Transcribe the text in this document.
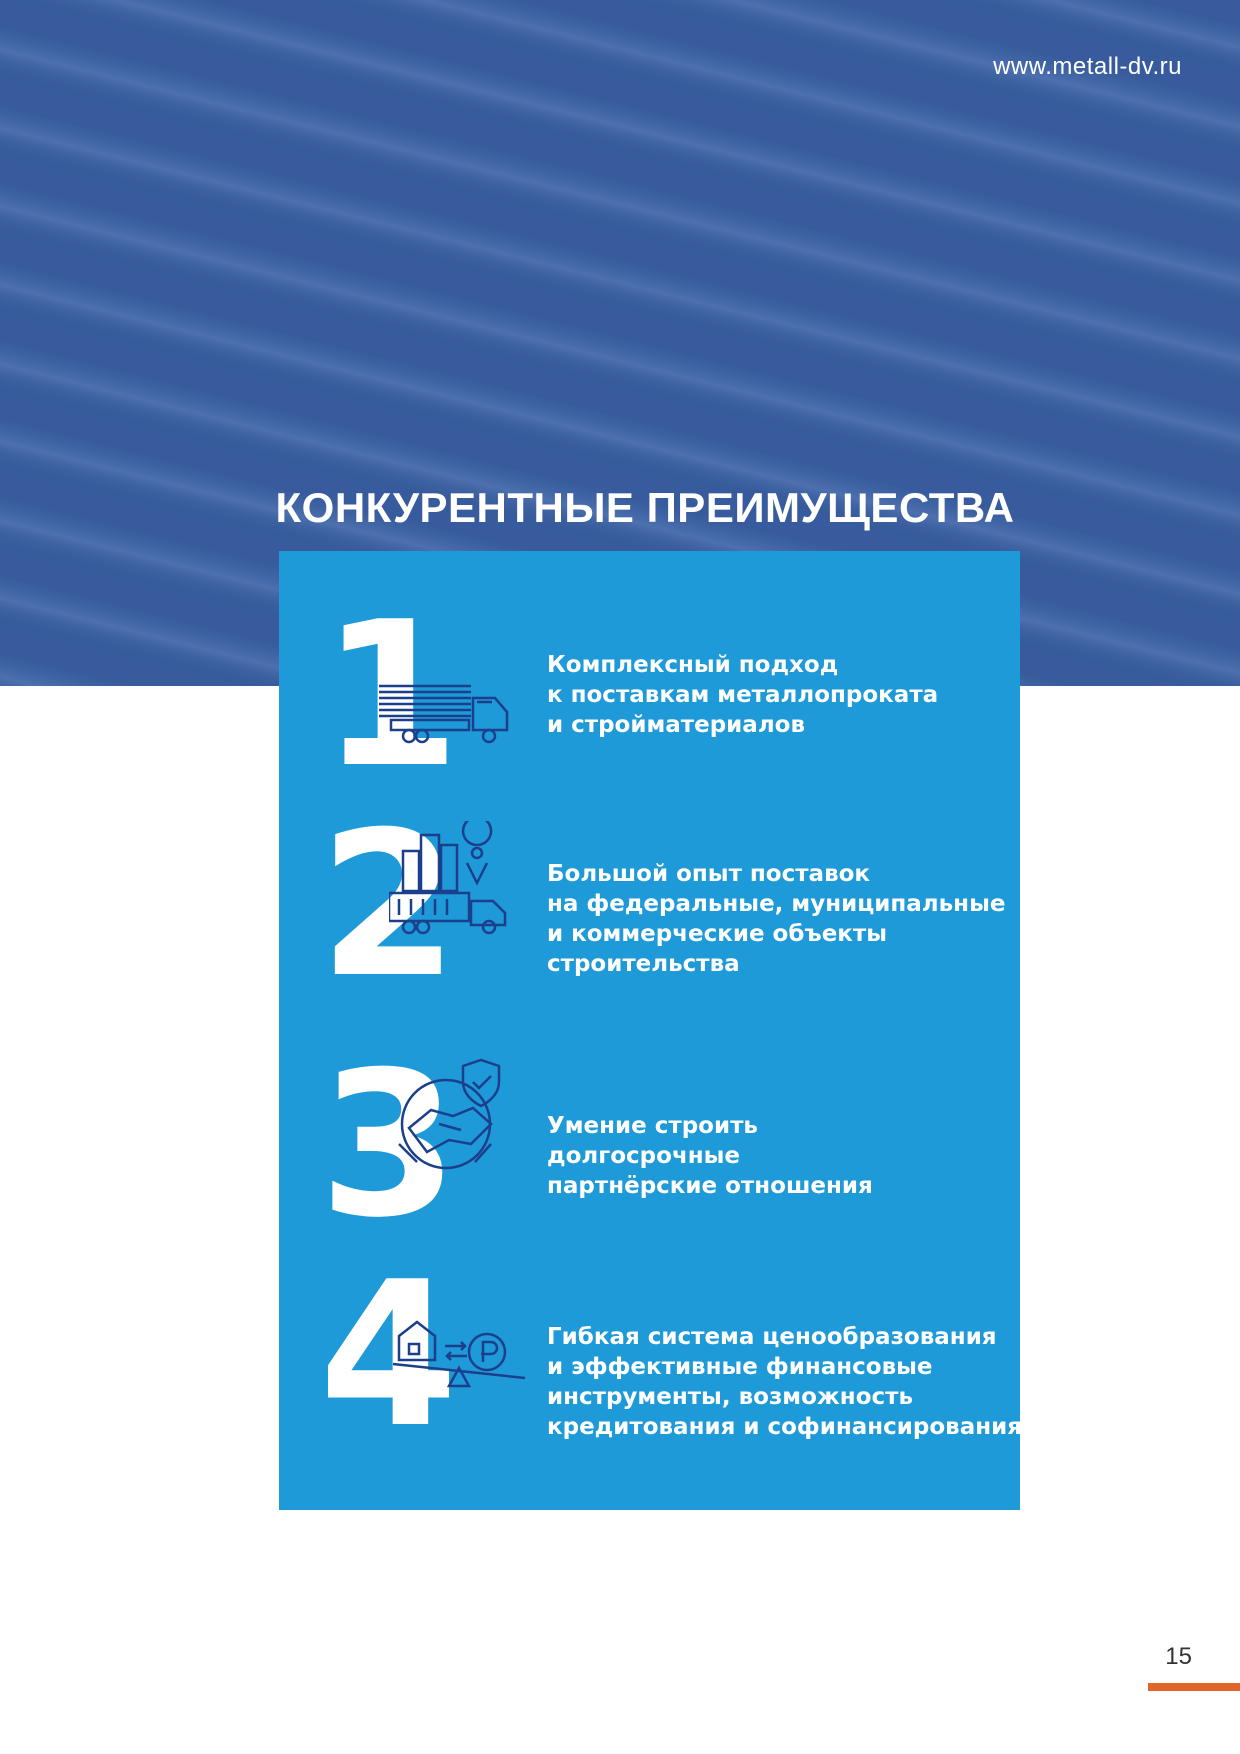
www.metall-dv.ru
КОНКУРЕНТНЫЕ ПРЕИМУЩЕСТВА
1	Комплексный подход
к поставкам металлопроката
и стройматериалов
2	Большой опыт поставок
на федеральные, муниципальные
и коммерческие объекты
строительства
3	Умение строить
долгосрочные
партнёрские отношения
4	Гибкая система ценообразования
и эффективные финансовые
инструменты, возможность
кредитования и софинансирования
15
